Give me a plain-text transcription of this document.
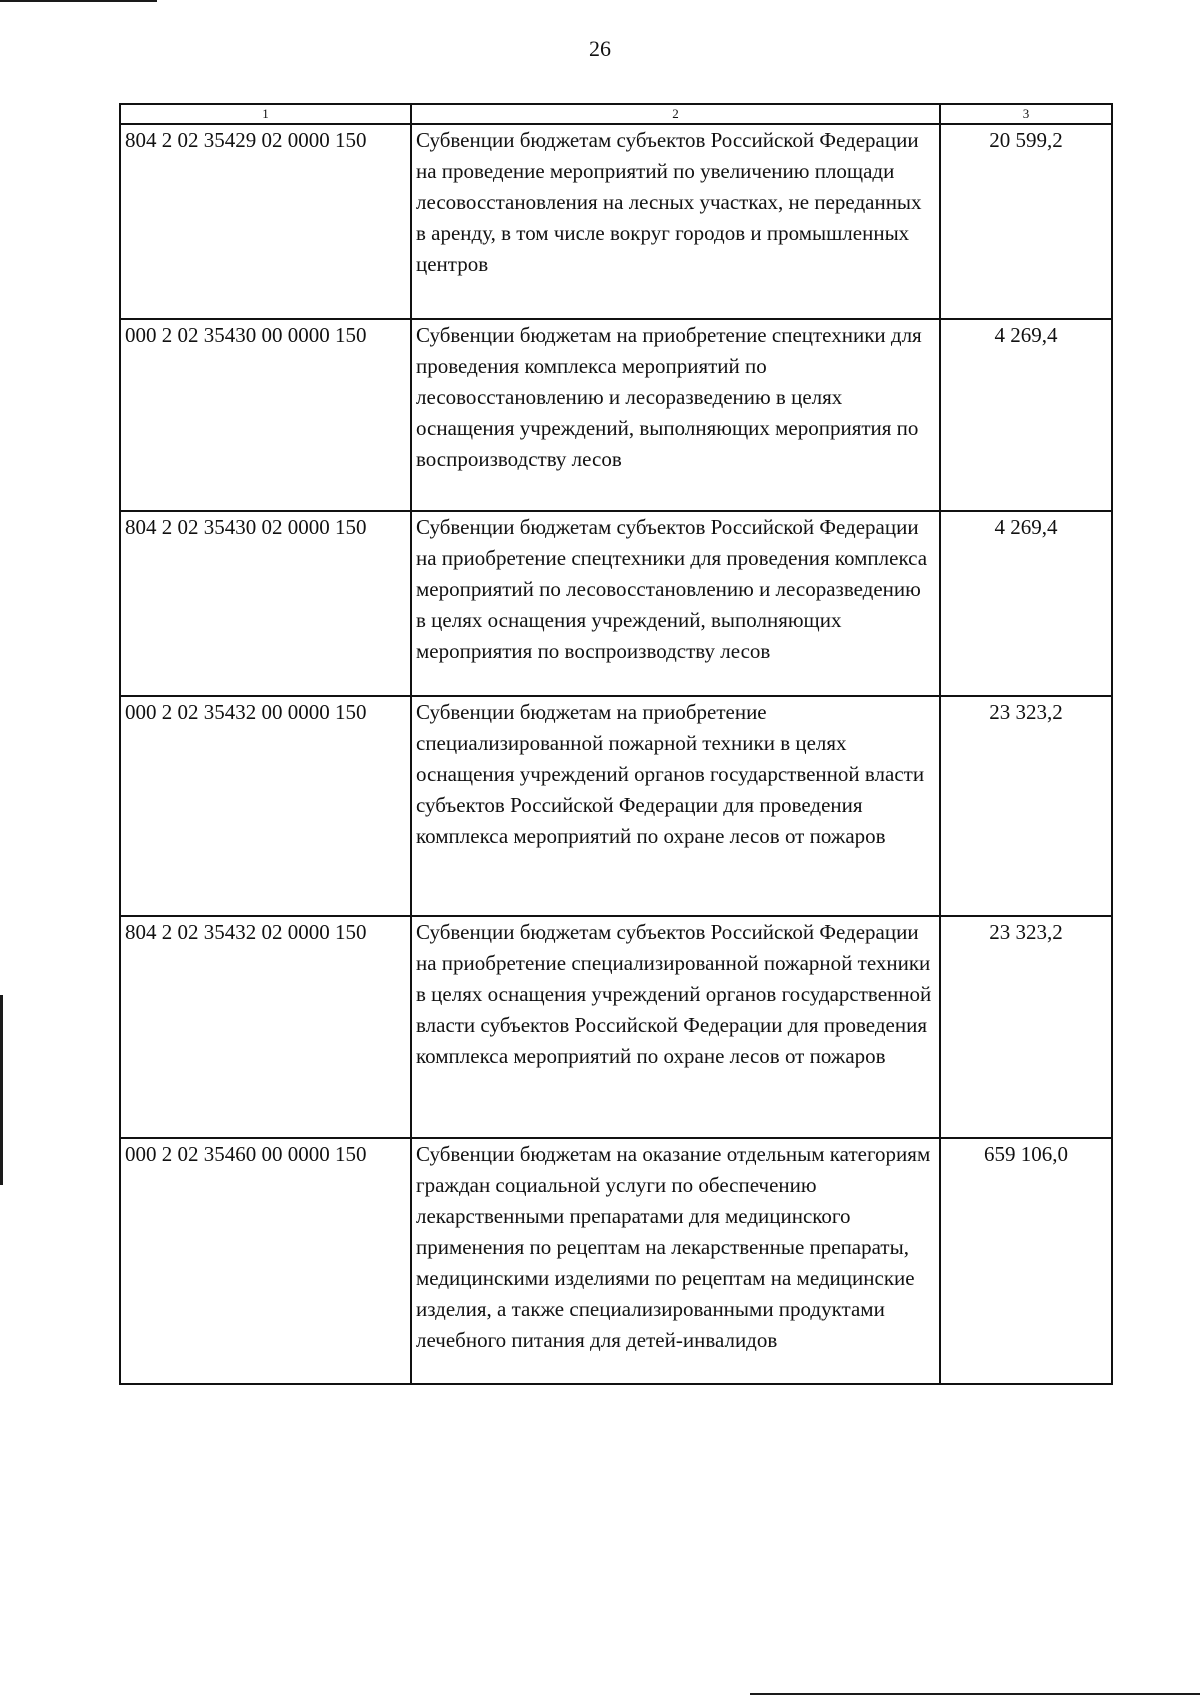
26
1	2	3
804 2 02 35429 02 0000 150	Субвенции бюджетам субъектов Российской Федерации на проведение мероприятий по увеличению площади лесовосстановления на лесных участках, не переданных в аренду, в том числе вокруг городов и промышленных центров	20 599,2
000 2 02 35430 00 0000 150	Субвенции бюджетам на приобретение спецтехники для проведения комплекса мероприятий по лесовосстановлению и лесоразведению в целях оснащения учреждений, выполняющих мероприятия по воспроизводству лесов	4 269,4
804 2 02 35430 02 0000 150	Субвенции бюджетам субъектов Российской Федерации на приобретение спецтехники для проведения комплекса мероприятий по лесовосстановлению и лесоразведению в целях оснащения учреждений, выполняющих мероприятия по воспроизводству лесов	4 269,4
000 2 02 35432 00 0000 150	Субвенции бюджетам на приобретение специализированной пожарной техники в целях оснащения учреждений органов государственной власти субъектов Российской Федерации для проведения комплекса мероприятий по охране лесов от пожаров	23 323,2
804 2 02 35432 02 0000 150	Субвенции бюджетам субъектов Российской Федерации на приобретение специализированной пожарной техники в целях оснащения учреждений органов государственной власти субъектов Российской Федерации для проведения комплекса мероприятий по охране лесов от пожаров	23 323,2
000 2 02 35460 00 0000 150	Субвенции бюджетам на оказание отдельным категориям граждан социальной услуги по обеспечению лекарственными препаратами для медицинского применения по рецептам на лекарственные препараты, медицинскими изделиями по рецептам на медицинские изделия, а также специализированными продуктами лечебного питания для детей-инвалидов	659 106,0
